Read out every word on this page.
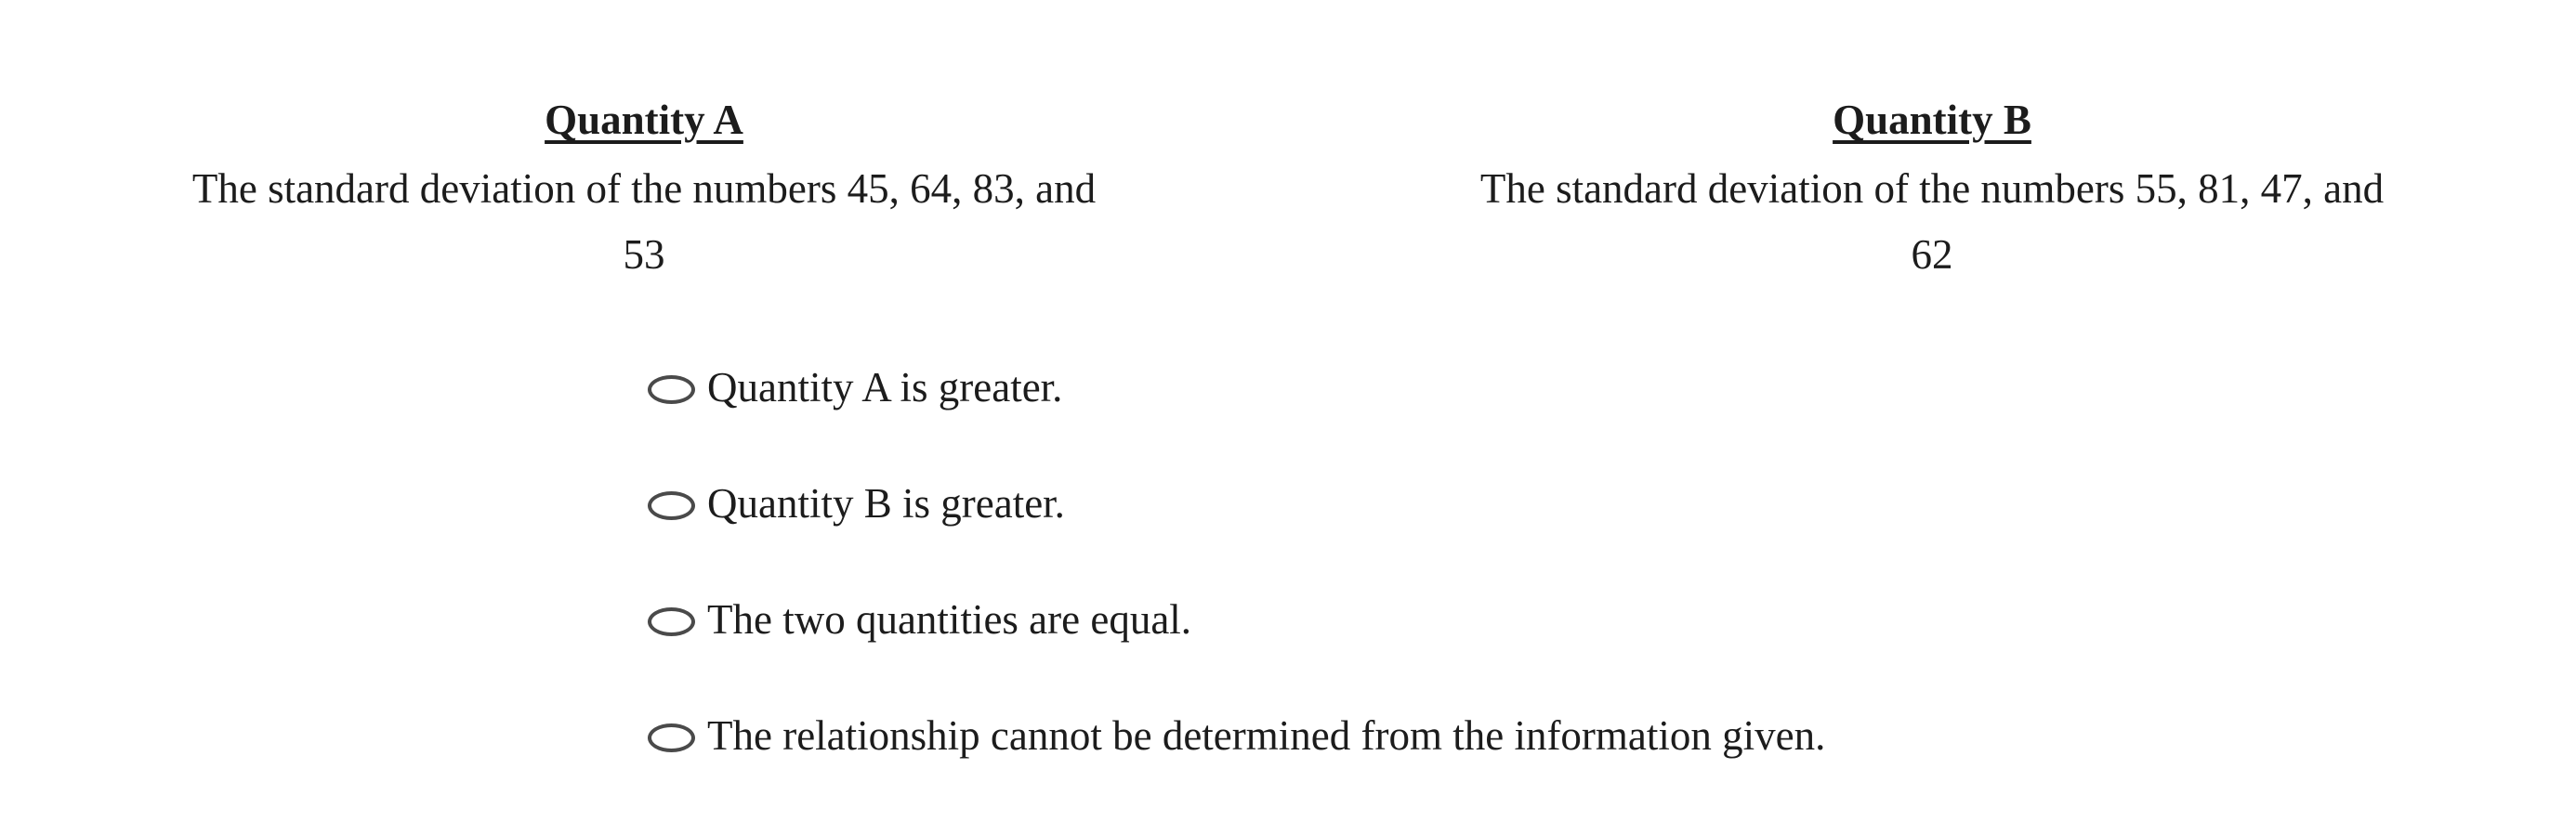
Quantity A
The standard deviation of the numbers 45, 64, 83, and
53
Quantity B
The standard deviation of the numbers 55, 81, 47, and
62
Quantity A is greater.
Quantity B is greater.
The two quantities are equal.
The relationship cannot be determined from the information given.
